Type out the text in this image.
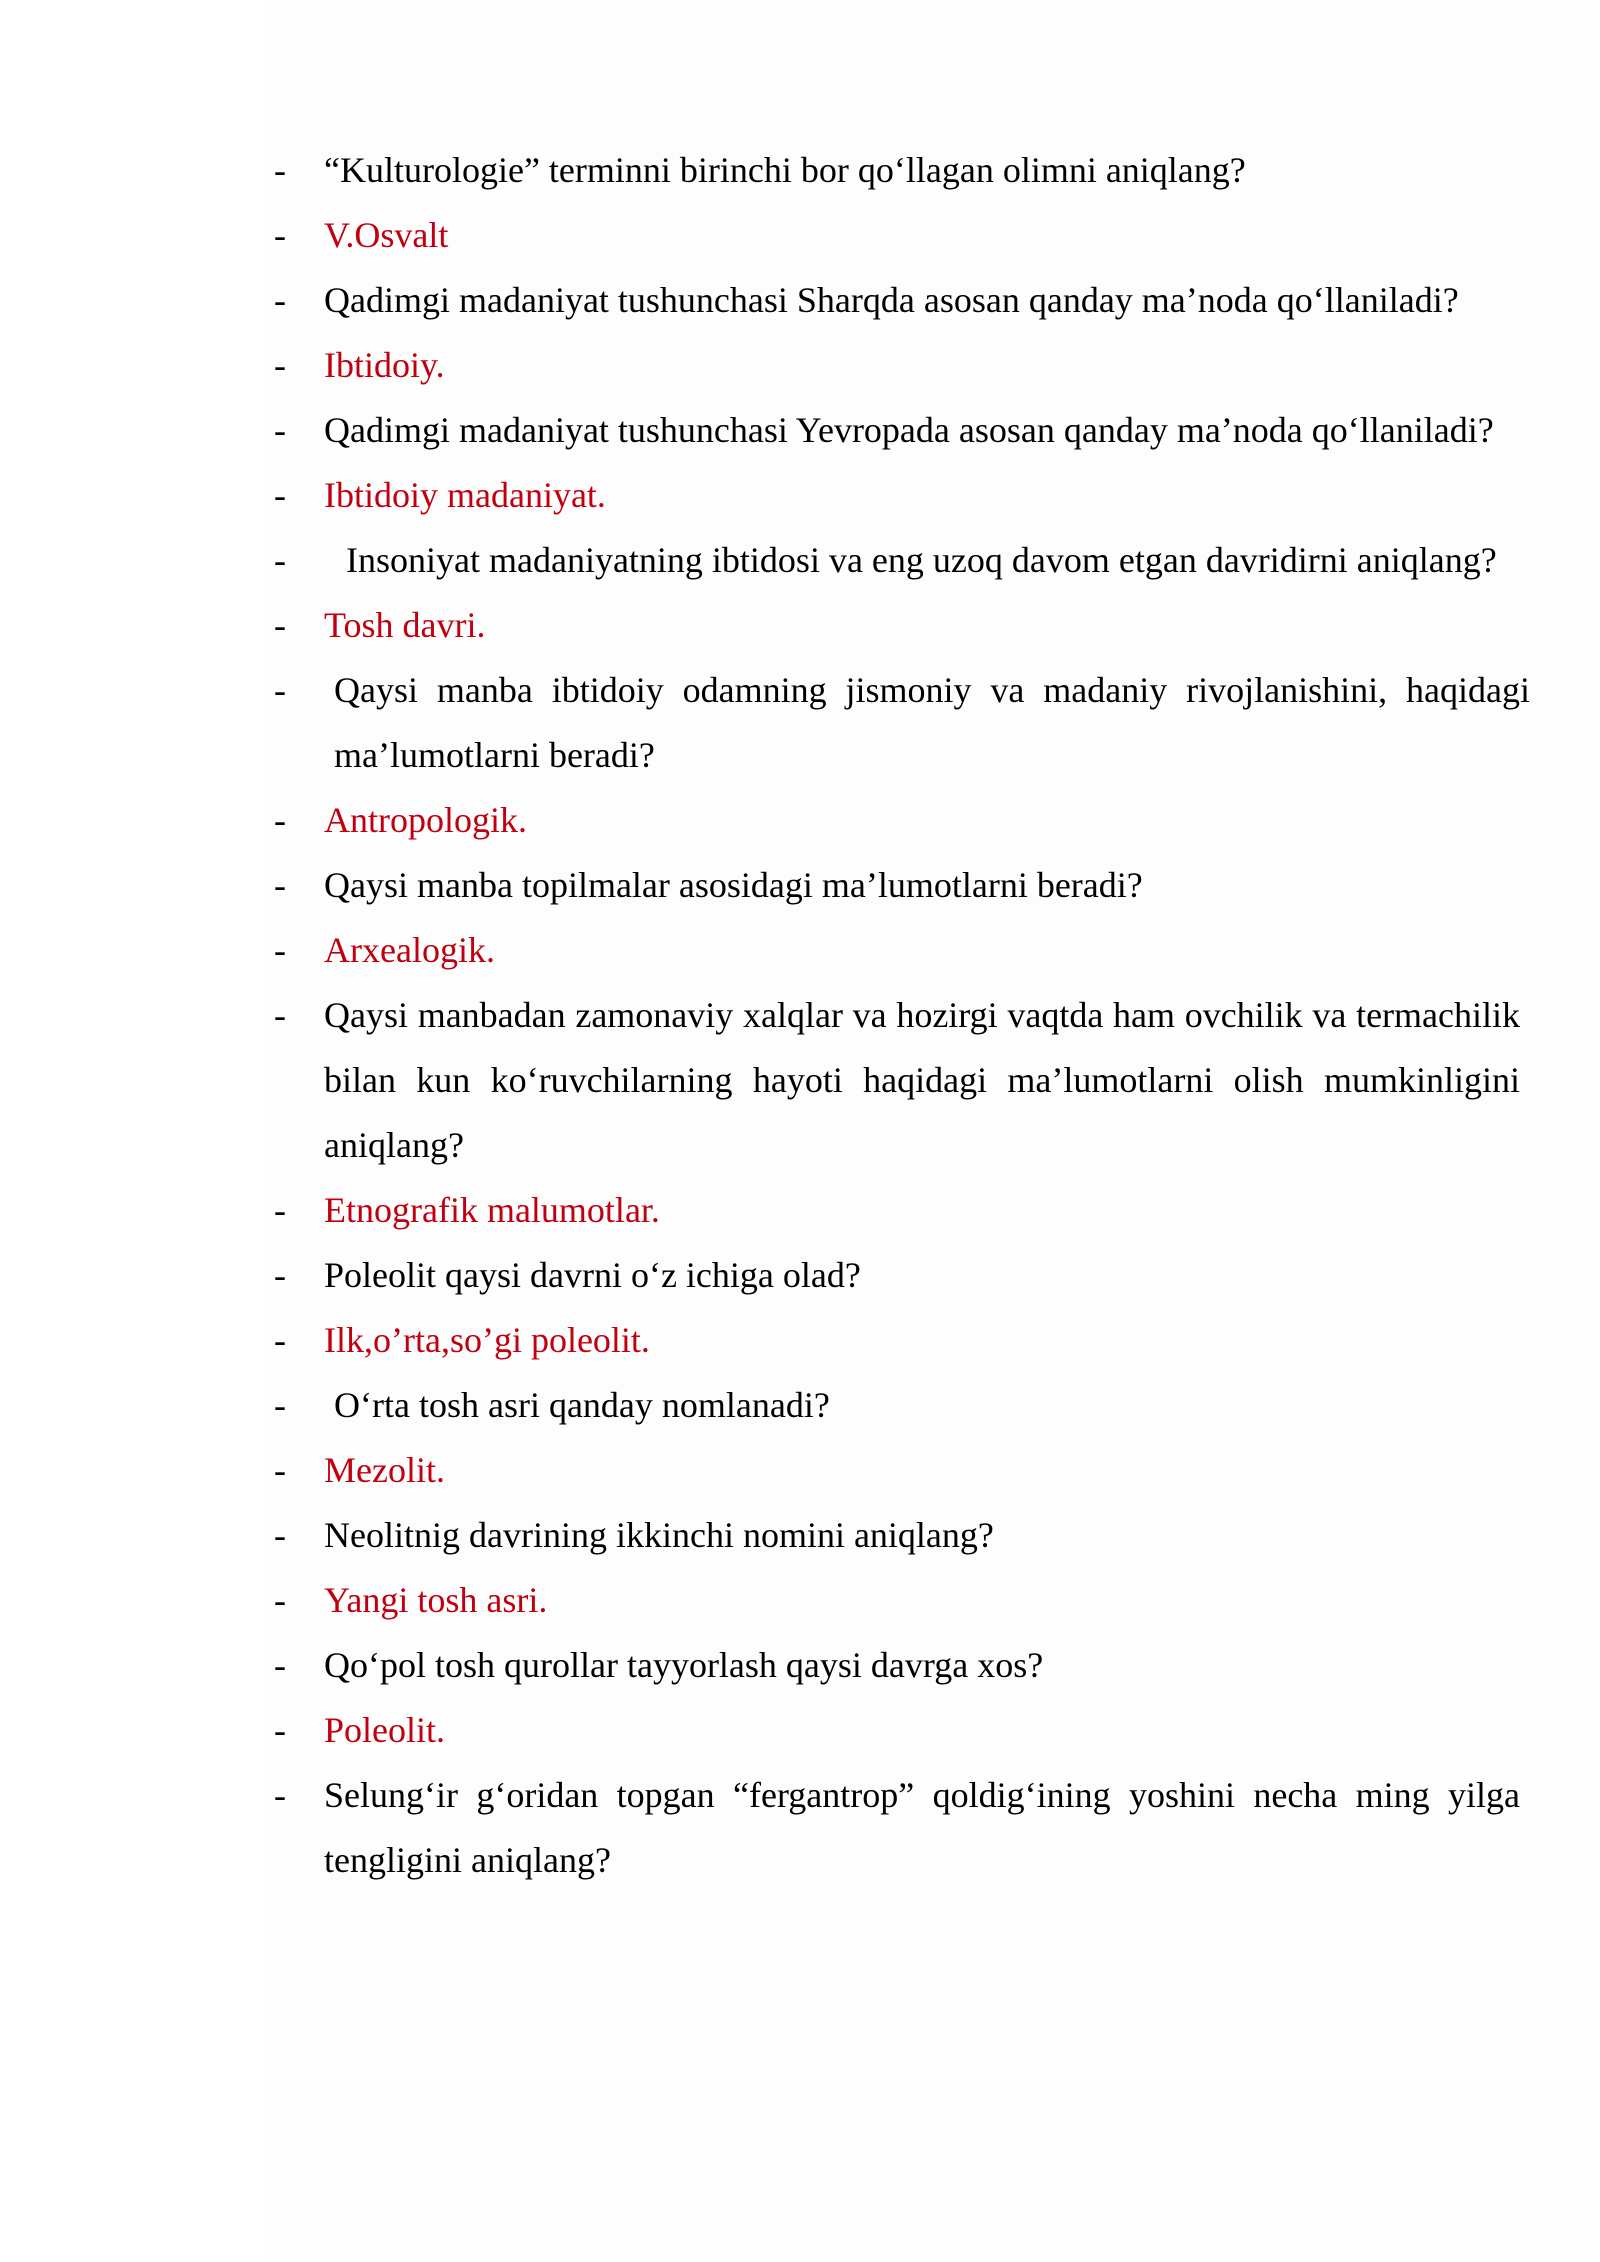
-	“Kulturologie” terminni birinchi bor qo‘llagan olimni aniqlang?
-	V.Osvalt
-	Qadimgi madaniyat tushunchasi Sharqda asosan qanday ma’noda qo‘llaniladi?
-	Ibtidoiy.
-	Qadimgi madaniyat tushunchasi Yevropada asosan qanday ma’noda qo‘llaniladi?
-	Ibtidoiy madaniyat.
-	Insoniyat madaniyatning ibtidosi va eng uzoq davom etgan davridirni aniqlang?
-	Tosh davri.
-	Qaysi manba ibtidoiy odamning jismoniy va madaniy rivojlanishini, haqidagi ma’lumotlarni beradi?
-	Antropologik.
-	Qaysi manba topilmalar asosidagi ma’lumotlarni beradi?
-	Arxealogik.
-	Qaysi manbadan zamonaviy xalqlar va hozirgi vaqtda ham ovchilik va termachilik bilan kun ko‘ruvchilarning hayoti haqidagi ma’lumotlarni olish mumkinligini aniqlang?
-	Etnografik malumotlar.
-	Poleolit qaysi davrni o‘z ichiga olad?
-	Ilk,o’rta,so’gi poleolit.
-	O‘rta tosh asri qanday nomlanadi?
-	Mezolit.
-	Neolitnig davrining ikkinchi nomini aniqlang?
-	Yangi tosh asri.
-	Qo‘pol tosh qurollar tayyorlash qaysi davrga xos?
-	Poleolit.
-	Selung‘ir g‘oridan topgan “fergantrop” qoldig‘ining yoshini necha ming yilga tengligini aniqlang?
